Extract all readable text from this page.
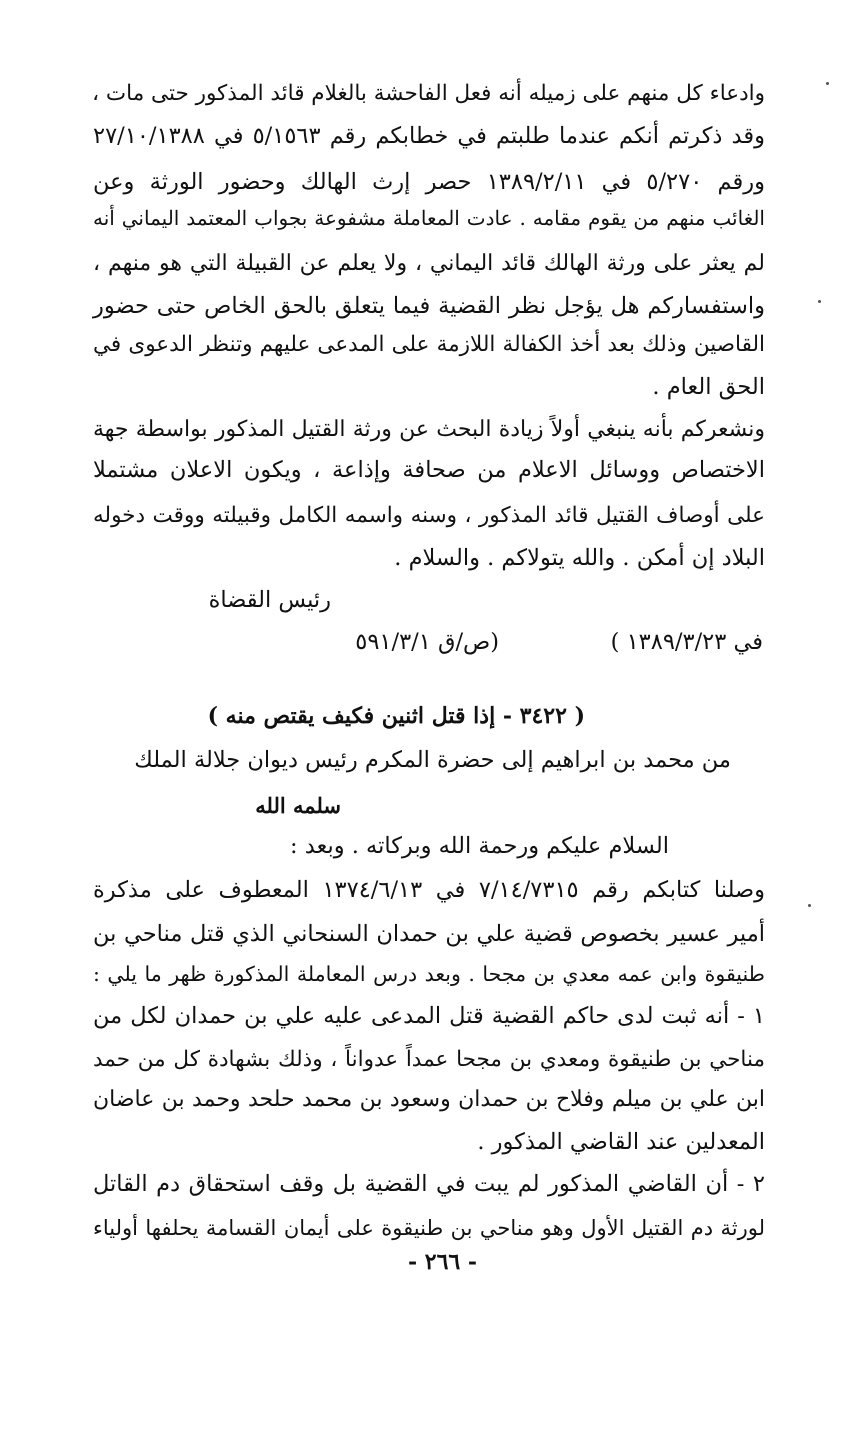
وادعاء كل منهم على زميله أنه فعل الفاحشة بالغلام قائد المذكور حتى مات ،
وقد ذكرتم أنكم عندما طلبتم في خطابكم رقم ٥/١٥٦٣ في ٢٧/١٠/١٣٨٨
ورقم ٥/٢٧٠ في ١٣٨٩/٢/١١ حصر إرث الهالك وحضور الورثة وعن
الغائب منهم من يقوم مقامه . عادت المعاملة مشفوعة بجواب المعتمد اليماني أنه
لم يعثر على ورثة الهالك قائد اليماني ، ولا يعلم عن القبيلة التي هو منهم ،
واستفساركم هل يؤجل نظر القضية فيما يتعلق بالحق الخاص حتى حضور
القاصين وذلك بعد أخذ الكفالة اللازمة على المدعى عليهم وتنظر الدعوى في
الحق العام .
ونشعركم بأنه ينبغي أولاً زيادة البحث عن ورثة القتيل المذكور بواسطة جهة
الاختصاص ووسائل الاعلام من صحافة وإذاعة ، ويكون الاعلان مشتملا
على أوصاف القتيل قائد المذكور ، وسنه واسمه الكامل وقبيلته ووقت دخوله
البلاد إن أمكن . والله يتولاكم . والسلام .
رئيس القضاة
(ص/ق ٥٩١/٣/١	في ١٣٨٩/٣/٢٣ )
( ٣٤٢٢ - إذا قتل اثنين فكيف يقتص منه )
من محمد بن ابراهيم إلى حضرة المكرم رئيس ديوان جلالة الملك
سلمه الله
السلام عليكم ورحمة الله وبركاته . وبعد :
وصلنا كتابكم رقم ٧/١٤/٧٣١٥ في ١٣٧٤/٦/١٣ المعطوف على مذكرة
أمير عسير بخصوص قضية علي بن حمدان السنحاني الذي قتل مناحي بن
طنيقوة وابن عمه معدي بن مجحا . وبعد درس المعاملة المذكورة ظهر ما يلي :
١ - أنه ثبت لدى حاكم القضية قتل المدعى عليه علي بن حمدان لكل من
مناحي بن طنيقوة ومعدي بن مجحا عمداً عدواناً ، وذلك بشهادة كل من حمد
ابن علي بن ميلم وفلاح بن حمدان وسعود بن محمد حلحد وحمد بن عاضان
المعدلين عند القاضي المذكور .
٢ - أن القاضي المذكور لم يبت في القضية بل وقف استحقاق دم القاتل
لورثة دم القتيل الأول وهو مناحي بن طنيقوة على أيمان القسامة يحلفها أولياء
- ٢٦٦ -
